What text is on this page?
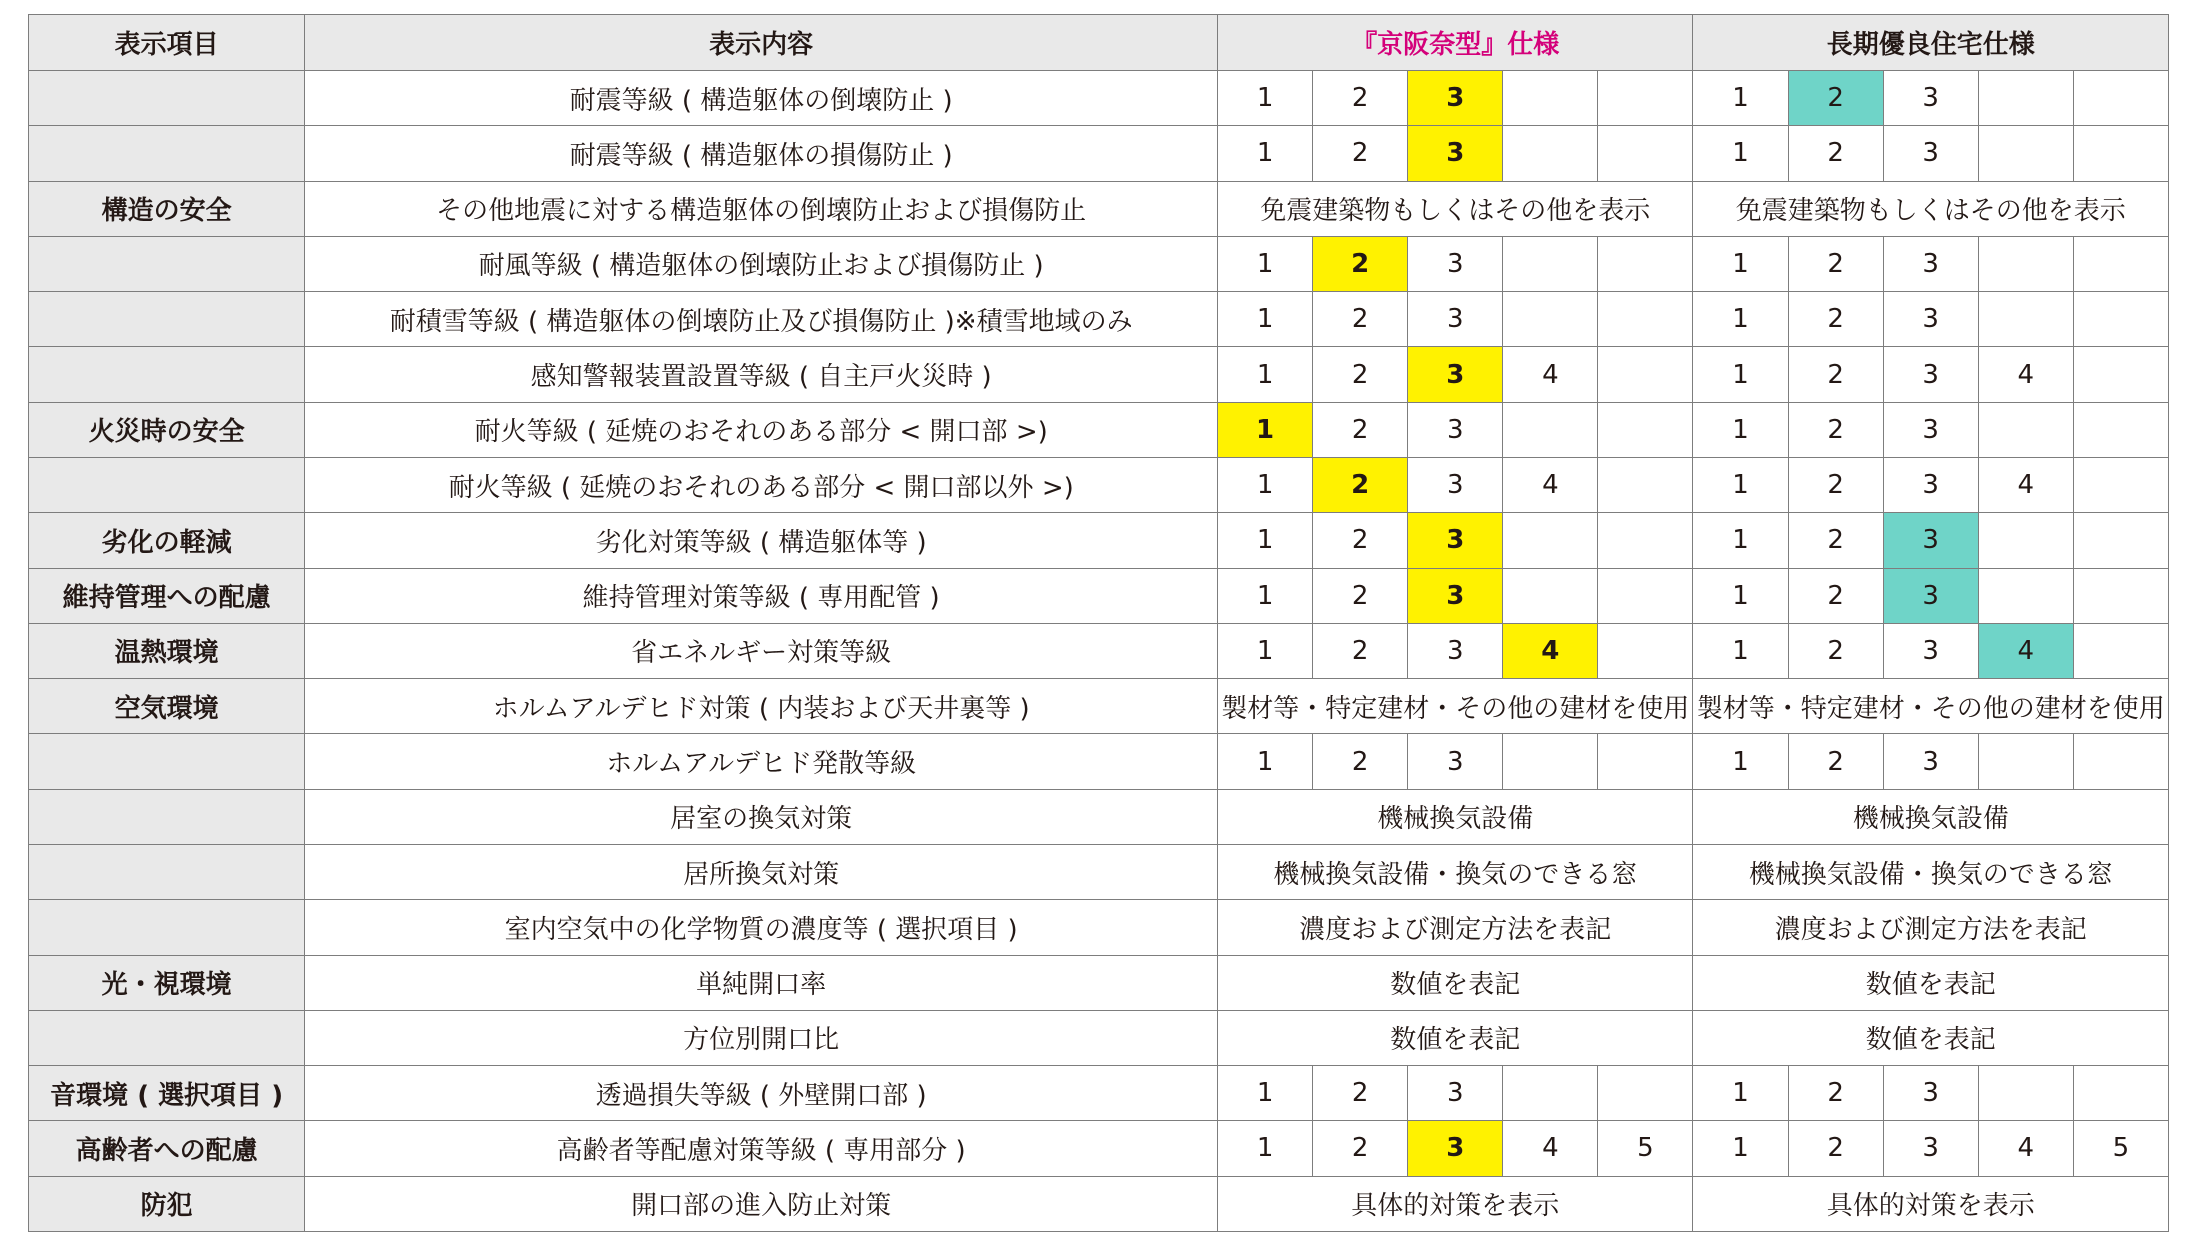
表示項目	表示内容	『京阪奈型』仕様					長期優良住宅仕様				
	耐震等級 ( 構造躯体の倒壊防止 )	1	2	3			1	2	3		
	耐震等級 ( 構造躯体の損傷防止 )	1	2	3			1	2	3		
構造の安全	その他地震に対する構造躯体の倒壊防止および損傷防止	免震建築物もしくはその他を表示					免震建築物もしくはその他を表示				
	耐風等級 ( 構造躯体の倒壊防止および損傷防止 )	1	2	3			1	2	3		
	耐積雪等級 ( 構造躯体の倒壊防止及び損傷防止 )※積雪地域のみ	1	2	3			1	2	3		
	感知警報装置設置等級 ( 自主戸火災時 )	1	2	3	4		1	2	3	4	
火災時の安全	耐火等級 ( 延焼のおそれのある部分 < 開口部 >)	1	2	3			1	2	3		
	耐火等級 ( 延焼のおそれのある部分 < 開口部以外 >)	1	2	3	4		1	2	3	4	
劣化の軽減	劣化対策等級 ( 構造躯体等 )	1	2	3			1	2	3		
維持管理への配慮	維持管理対策等級 ( 専用配管 )	1	2	3			1	2	3		
温熱環境	省エネルギー対策等級	1	2	3	4		1	2	3	4	
空気環境	ホルムアルデヒド対策 ( 内装および天井裏等 )	製材等・特定建材・その他の建材を使用					製材等・特定建材・その他の建材を使用				
	ホルムアルデヒド発散等級	1	2	3			1	2	3		
	居室の換気対策	機械換気設備					機械換気設備				
	居所換気対策	機械換気設備・換気のできる窓					機械換気設備・換気のできる窓				
	室内空気中の化学物質の濃度等 ( 選択項目 )	濃度および測定方法を表記					濃度および測定方法を表記				
光・視環境	単純開口率	数値を表記					数値を表記				
	方位別開口比	数値を表記					数値を表記				
音環境 ( 選択項目 )	透過損失等級 ( 外壁開口部 )	1	2	3			1	2	3		
高齢者への配慮	高齢者等配慮対策等級 ( 専用部分 )	1	2	3	4	5	1	2	3	4	5
防犯	開口部の進入防止対策	具体的対策を表示					具体的対策を表示				
